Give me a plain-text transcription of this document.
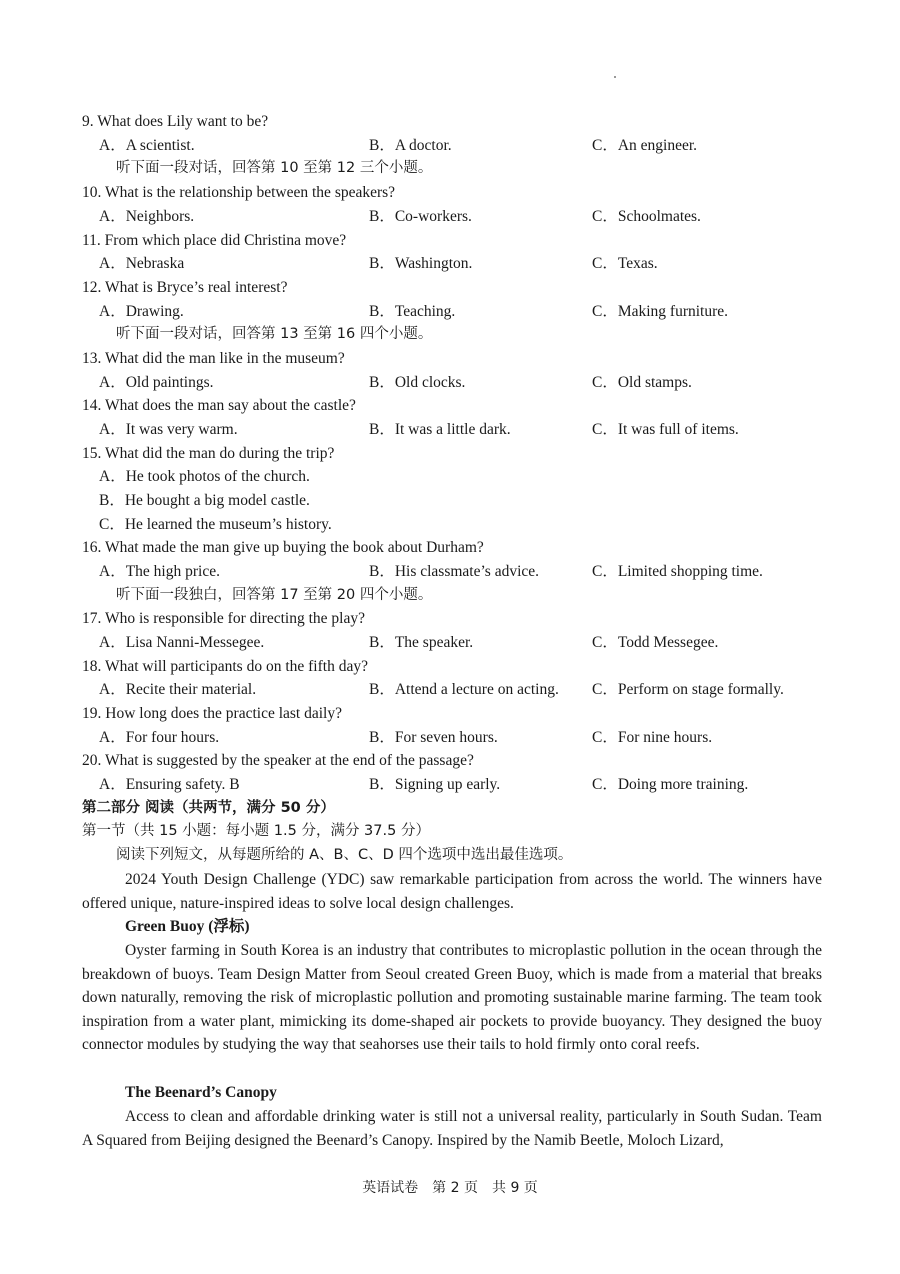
9. What does Lily want to be?
A．A scientist.	B．A doctor.	C．An engineer.
听下面一段对话，回答第 10 至第 12 三个小题。
10. What is the relationship between the speakers?
A．Neighbors.	B．Co-workers.	C．Schoolmates.
11. From which place did Christina move?
A．Nebraska	B．Washington.	C．Texas.
12. What is Bryce’s real interest?
A．Drawing.	B．Teaching.	C．Making furniture.
听下面一段对话，回答第 13 至第 16 四个小题。
13. What did the man like in the museum?
A．Old paintings.	B．Old clocks.	C．Old stamps.
14. What does the man say about the castle?
A．It was very warm.	B．It was a little dark.	C．It was full of items.
15. What did the man do during the trip?
A．He took photos of the church.
B．He bought a big model castle.
C．He learned the museum’s history.
16. What made the man give up buying the book about Durham?
A．The high price.	B．His classmate’s advice.	C．Limited shopping time.
听下面一段独白，回答第 17 至第 20 四个小题。
17. Who is responsible for directing the play?
A．Lisa Nanni-Messegee.	B．The speaker.	C．Todd Messegee.
18. What will participants do on the fifth day?
A．Recite their material.	B．Attend a lecture on acting. C．Perform on stage formally.
19. How long does the practice last daily?
A．For four hours.	B．For seven hours.	C．For nine hours.
20. What is suggested by the speaker at the end of the passage?
A．Ensuring safety. B	B．Signing up early.	C．Doing more training.
第二部分 阅读（共两节，满分 50 分）
第一节（共 15 小题：每小题 1.5 分，满分 37.5 分）
阅读下列短文，从每题所给的 A、B、C、D 四个选项中选出最佳选项。
2024 Youth Design Challenge (YDC) saw remarkable participation from across the world. The winners have offered unique, nature-inspired ideas to solve local design challenges.
Green Buoy (浮标)
Oyster farming in South Korea is an industry that contributes to microplastic pollution in the ocean through the breakdown of buoys. Team Design Matter from Seoul created Green Buoy, which is made from a material that breaks down naturally, removing the risk of microplastic pollution and promoting sustainable marine farming. The team took inspiration from a water plant, mimicking its dome-shaped air pockets to provide buoyancy. They designed the buoy connector modules by studying the way that seahorses use their tails to hold firmly onto coral reefs.
The Beenard’s Canopy
Access to clean and affordable drinking water is still not a universal reality, particularly in South Sudan. Team A Squared from Beijing designed the Beenard’s Canopy. Inspired by the Namib Beetle, Moloch Lizard,
英语试卷　第 2 页　共 9 页
